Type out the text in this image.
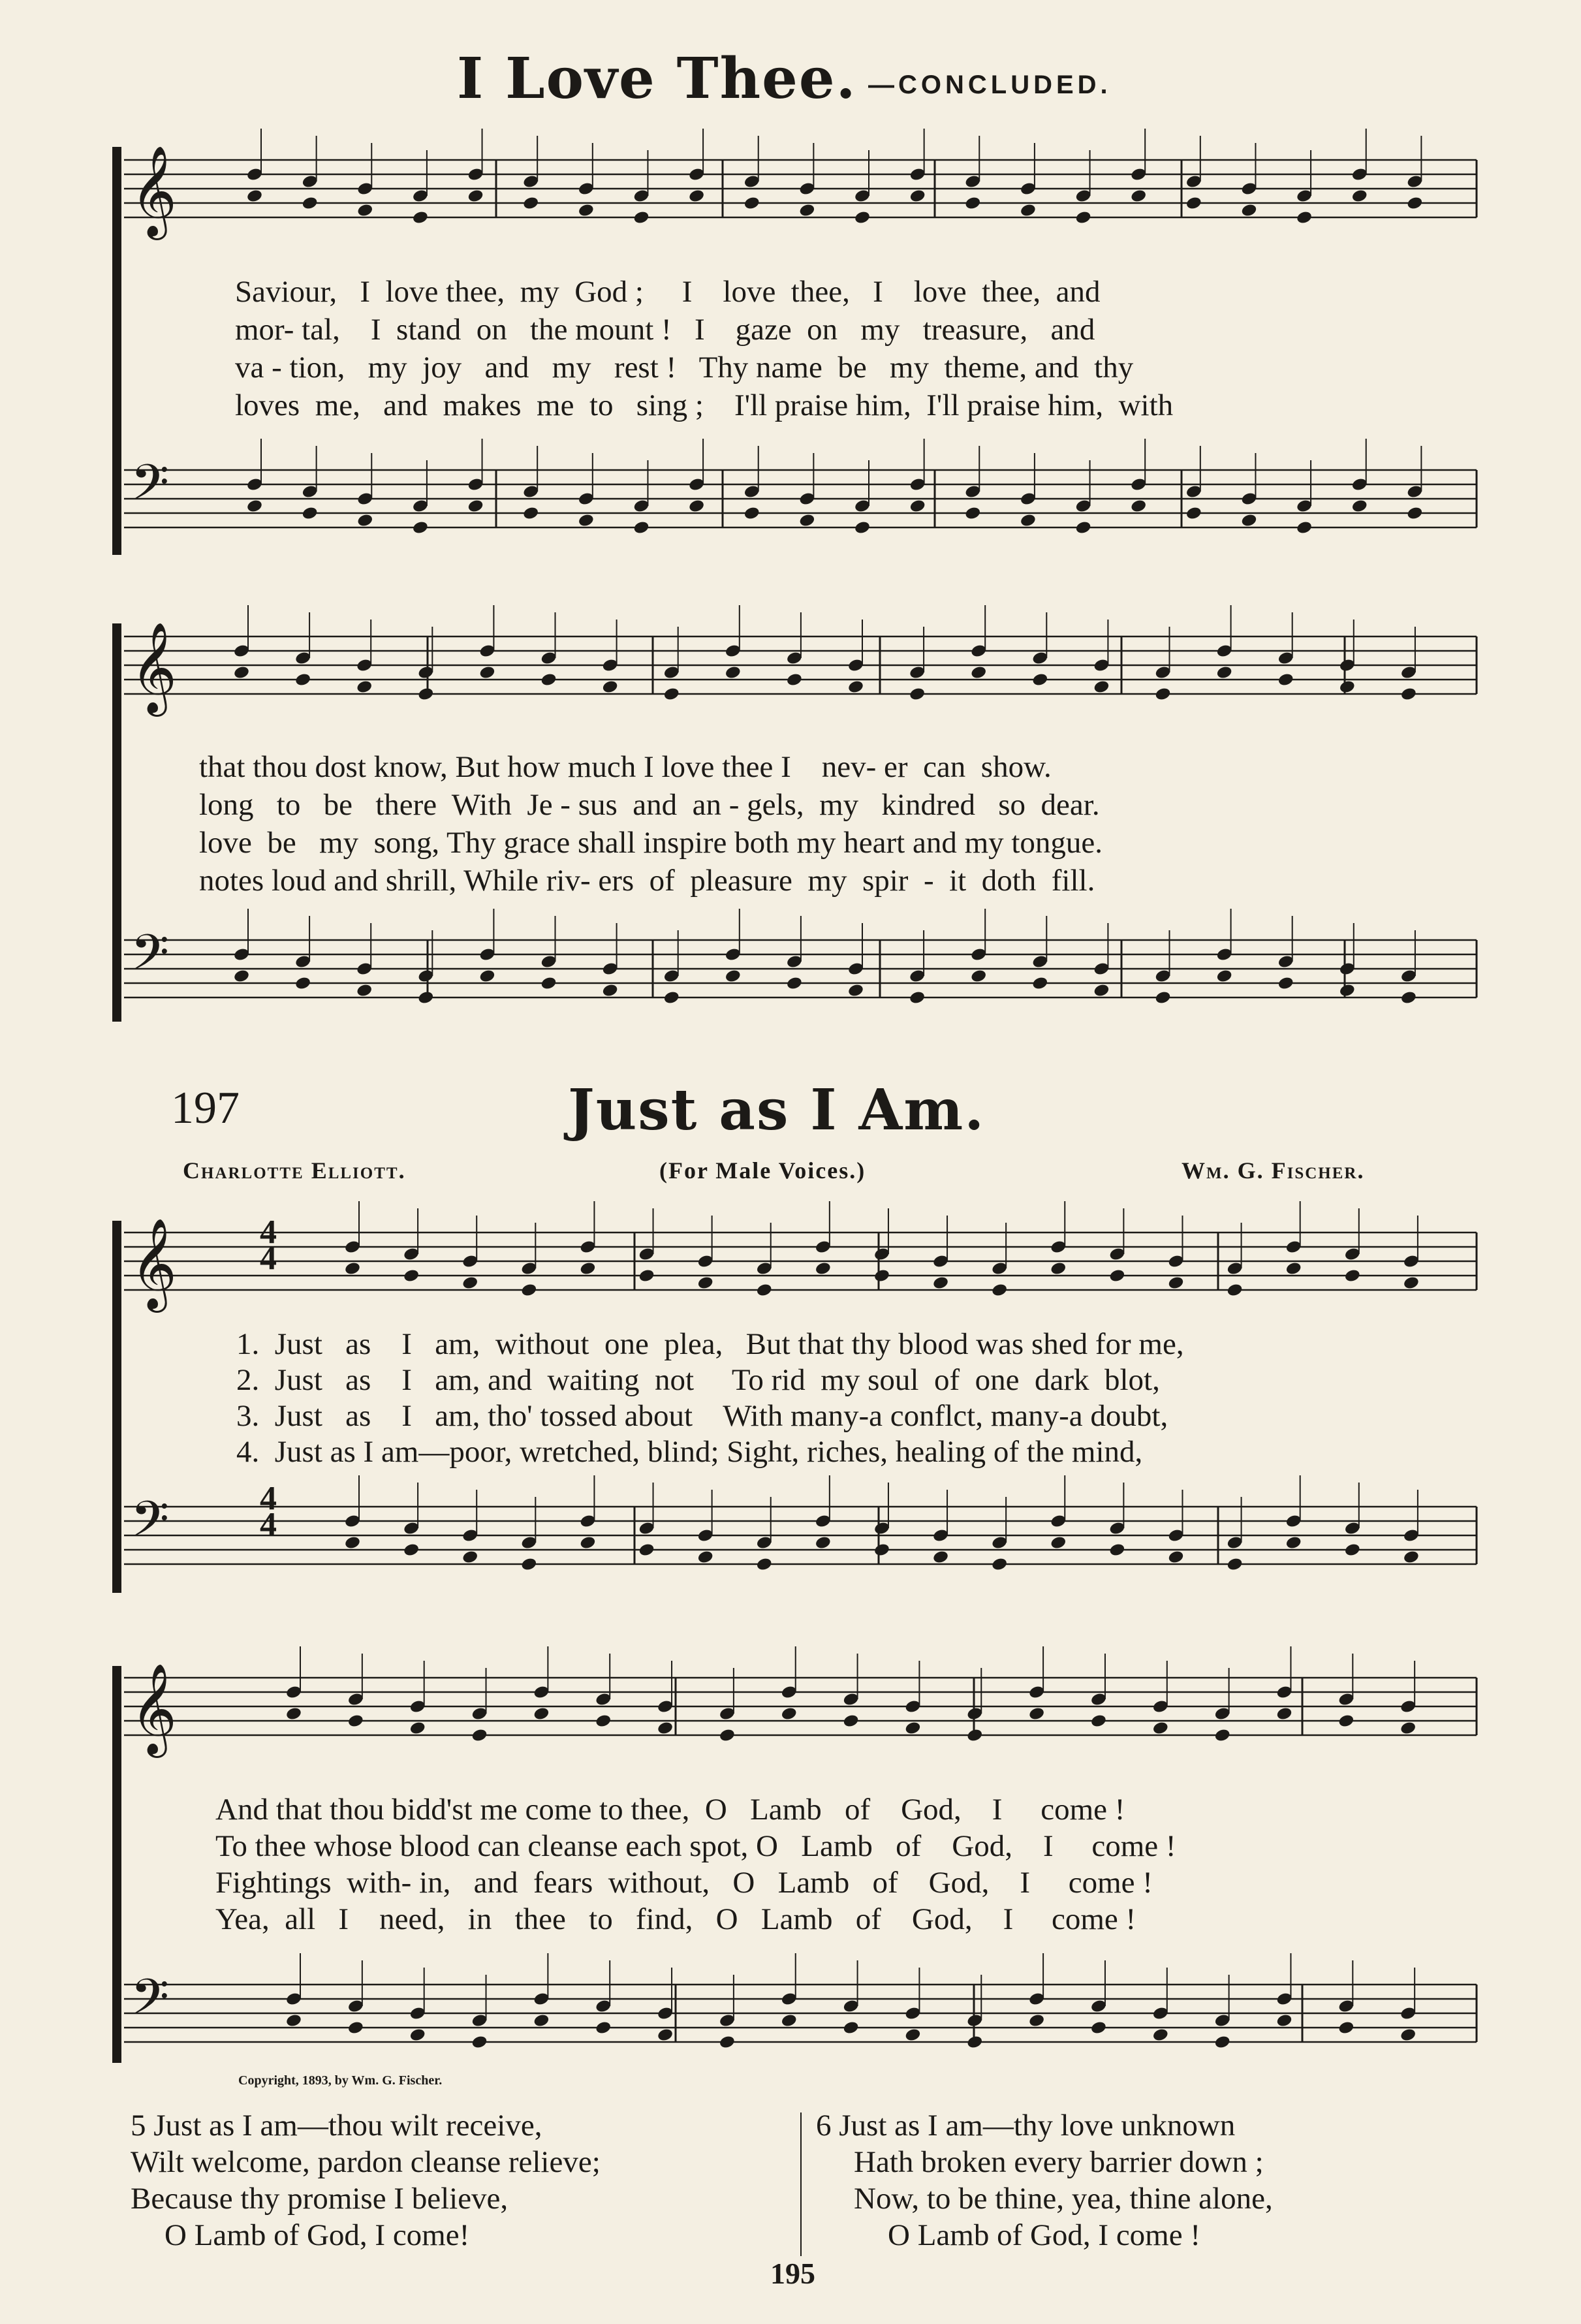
I Love Thee. —CONCLUDED.
𝄞
𝄢
𝄞
𝄢
𝄞
𝄢
𝄞
𝄢
Saviour,   I  love thee,  my  God ;     I    love  thee,   I    love  thee,  and
mor- tal,    I  stand  on   the mount !   I    gaze  on   my   treasure,   and
va - tion,   my  joy   and   my   rest !   Thy name  be   my  theme, and  thy
loves  me,   and  makes  me  to   sing ;    I'll praise him,  I'll praise him,  with
that thou dost know, But how much I love thee I    nev- er  can  show.
long   to   be   there  With  Je - sus  and  an - gels,  my   kindred   so  dear.
love  be   my  song, Thy grace shall inspire both my heart and my tongue.
notes loud and shrill, While riv- ers  of  pleasure  my  spir  -  it  doth  fill.
197	Just as I Am.
Charlotte Elliott.	(For Male Voices.)	Wm. G. Fischer.
4
4
4
4
1.  Just   as    I   am,  without  one  plea,   But that thy blood was shed for me,
2.  Just   as    I   am, and  waiting  not     To rid  my soul  of  one  dark  blot,
3.  Just   as    I   am, tho' tossed about    With many-a conflct, many-a doubt,
4.  Just as I am—poor, wretched, blind; Sight, riches, healing of the mind,
And that thou bidd'st me come to thee,  O   Lamb   of    God,    I     come !
To thee whose blood can cleanse each spot, O   Lamb   of    God,    I     come !
Fightings  with- in,   and  fears  without,   O   Lamb   of    God,    I     come !
Yea,  all   I    need,   in   thee   to   find,   O   Lamb   of    God,    I     come !
Copyright, 1893, by Wm. G. Fischer.
5 Just as I am—thou wilt receive,
Wilt welcome, pardon cleanse relieve;
Because thy promise I believe,
O Lamb of God, I come!
6 Just as I am—thy love unknown
Hath broken every barrier down ;
Now, to be thine, yea, thine alone,
O Lamb of God, I come !
195
